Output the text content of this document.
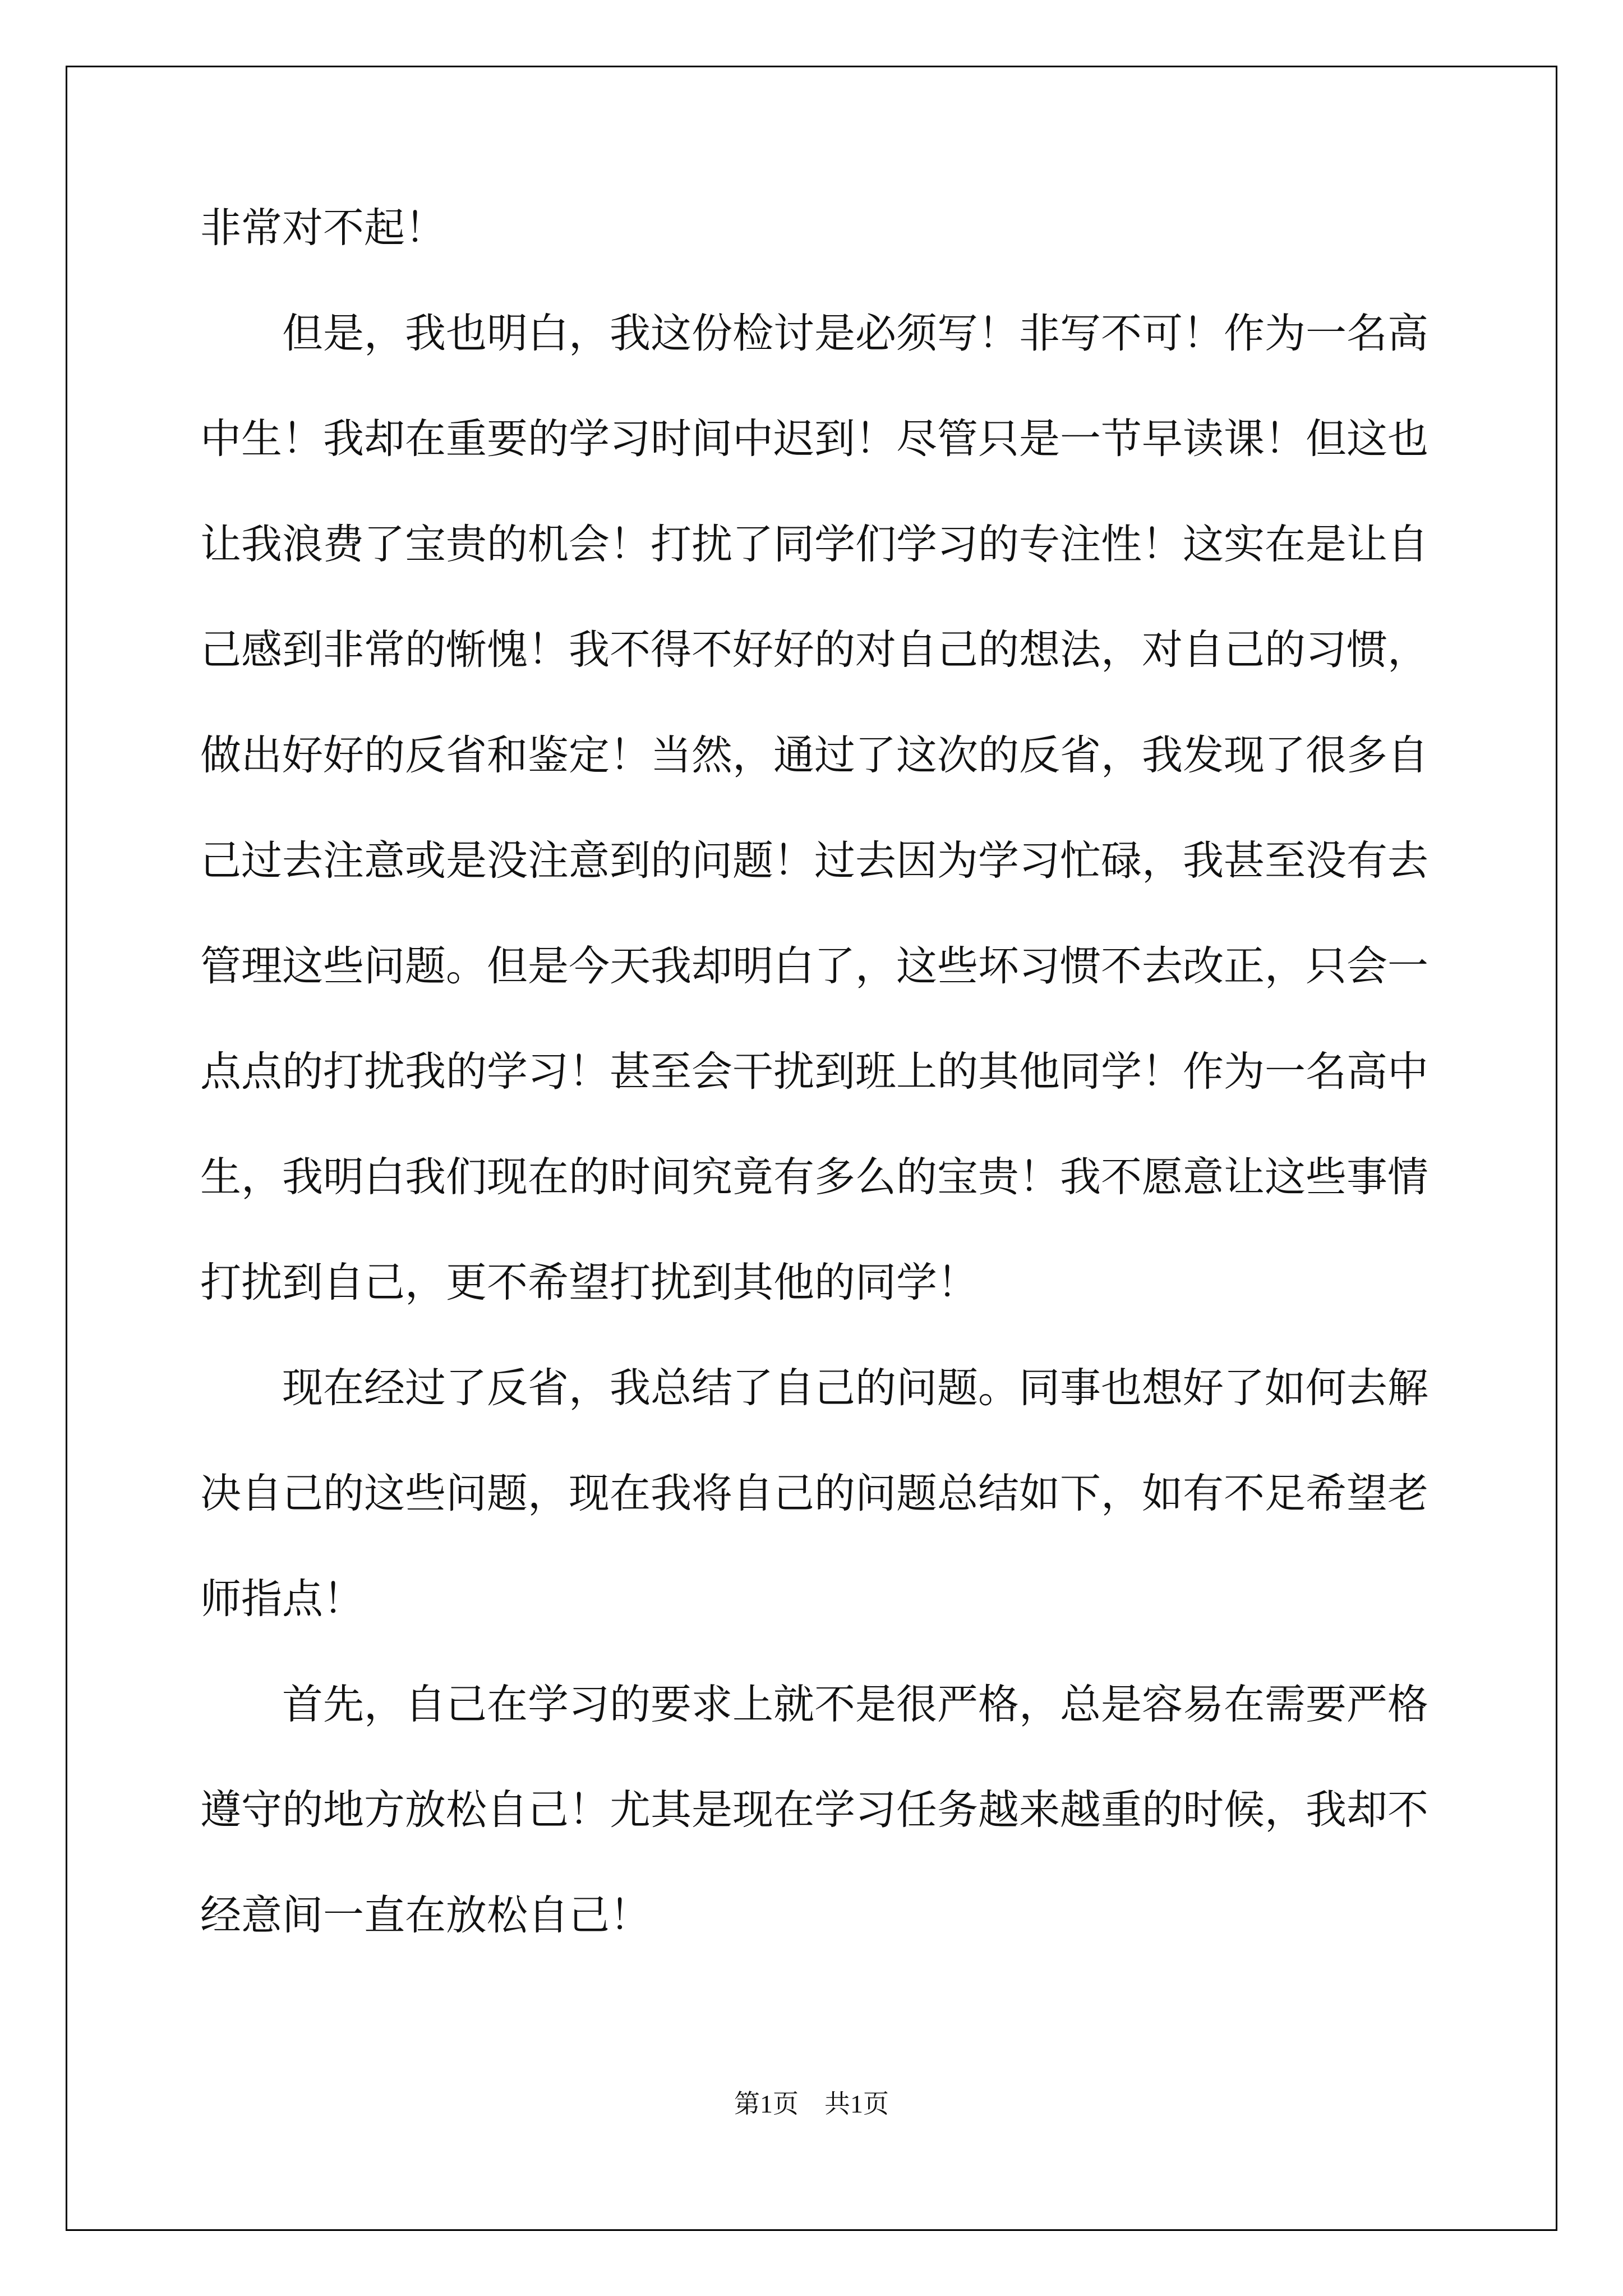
非常对不起！
　　但是，我也明白，我这份检讨是必须写！非写不可！作为一名高
中生！我却在重要的学习时间中迟到！尽管只是一节早读课！但这也
让我浪费了宝贵的机会！打扰了同学们学习的专注性！这实在是让自
己感到非常的惭愧！我不得不好好的对自己的想法，对自己的习惯，
做出好好的反省和鉴定！当然，通过了这次的反省，我发现了很多自
己过去注意或是没注意到的问题！过去因为学习忙碌，我甚至没有去
管理这些问题。但是今天我却明白了，这些坏习惯不去改正，只会一
点点的打扰我的学习！甚至会干扰到班上的其他同学！作为一名高中
生，我明白我们现在的时间究竟有多么的宝贵！我不愿意让这些事情
打扰到自己，更不希望打扰到其他的同学！
　　现在经过了反省，我总结了自己的问题。同事也想好了如何去解
决自己的这些问题，现在我将自己的问题总结如下，如有不足希望老
师指点！
　　首先，自己在学习的要求上就不是很严格，总是容易在需要严格
遵守的地方放松自己！尤其是现在学习任务越来越重的时候，我却不
经意间一直在放松自己！
第1页　共1页
